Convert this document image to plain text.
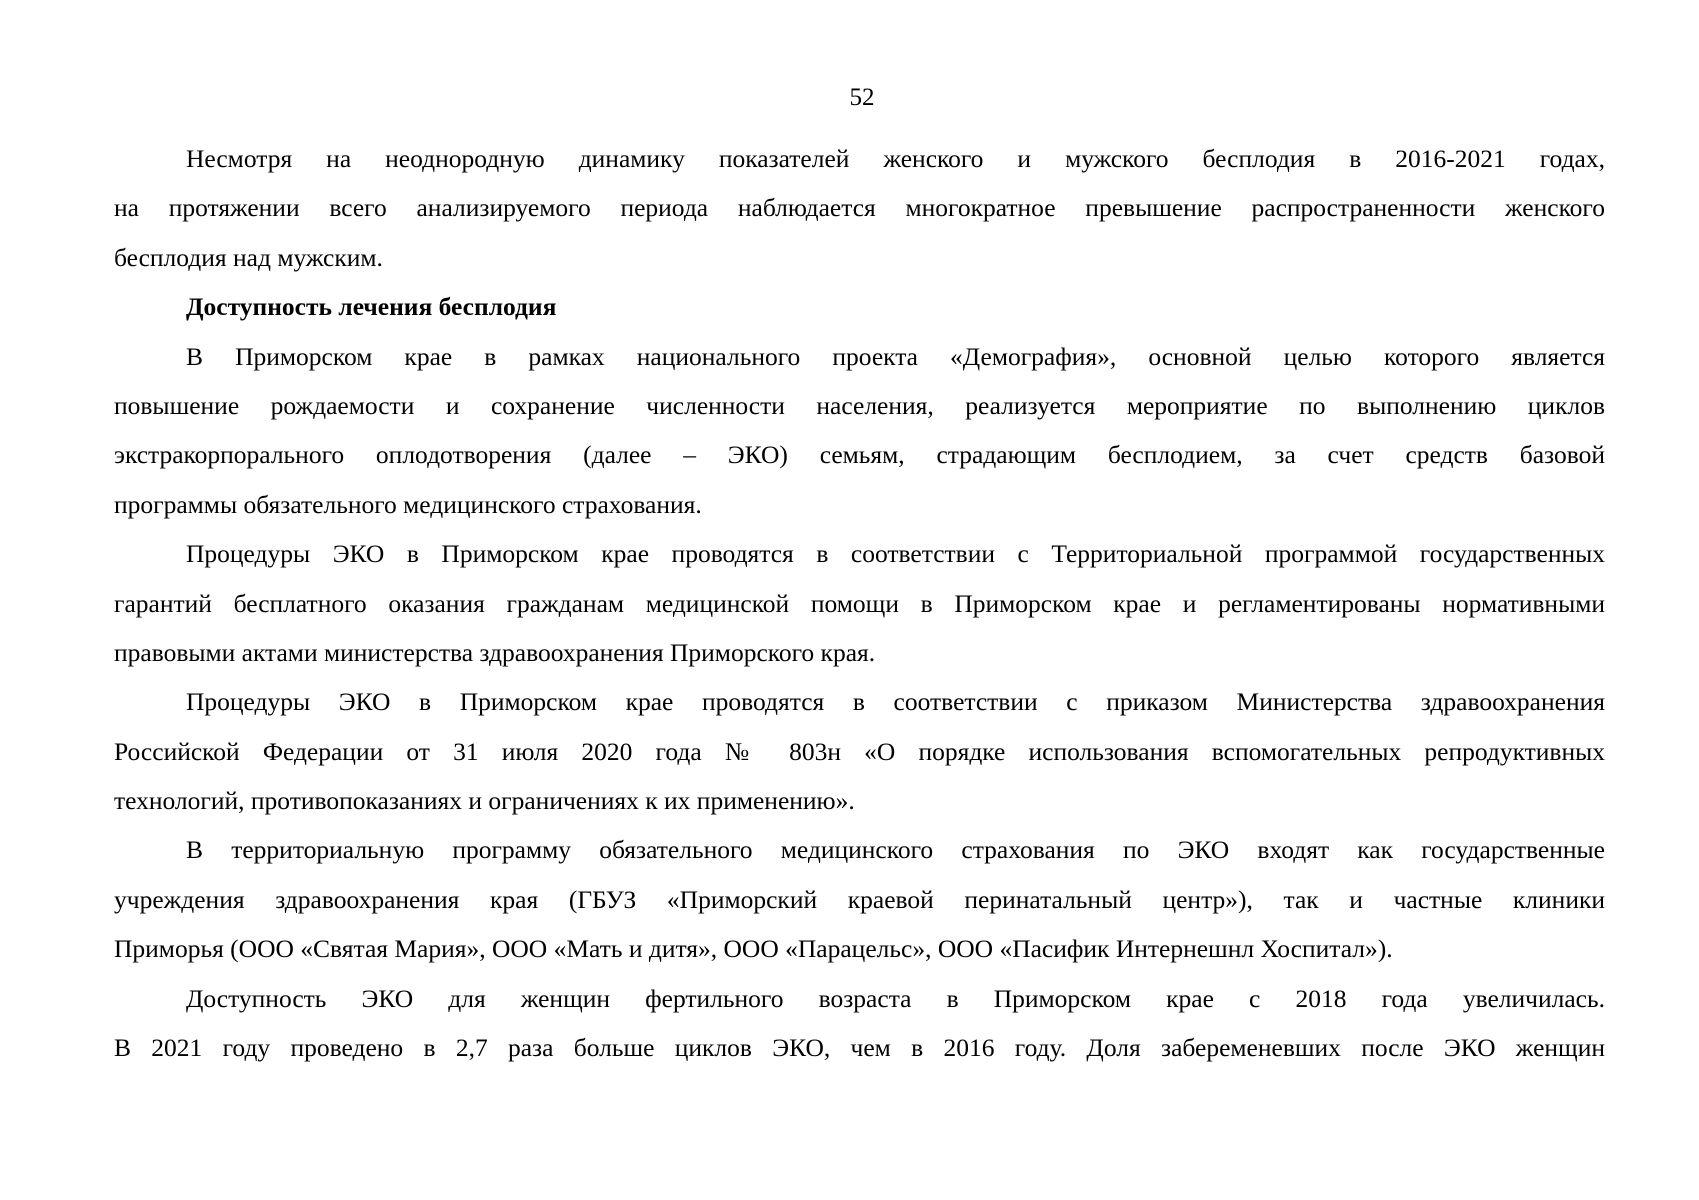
52
Несмотря на неоднородную динамику показателей женского и мужского бесплодия в 2016-2021 годах,
на протяжении всего анализируемого периода наблюдается многократное превышение распространенности женского
бесплодия над мужским.
Доступность лечения бесплодия
В Приморском крае в рамках национального проекта «Демография», основной целью которого является
повышение рождаемости и сохранение численности населения, реализуется мероприятие по выполнению циклов
экстракорпорального оплодотворения (далее – ЭКО) семьям, страдающим бесплодием, за счет средств базовой
программы обязательного медицинского страхования.
Процедуры ЭКО в Приморском крае проводятся в соответствии с Территориальной программой государственных
гарантий бесплатного оказания гражданам медицинской помощи в Приморском крае и регламентированы нормативными
правовыми актами министерства здравоохранения Приморского края.
Процедуры ЭКО в Приморском крае проводятся в соответствии с приказом Министерства здравоохранения
Российской Федерации от 31 июля 2020 года № 803н «О порядке использования вспомогательных репродуктивных
технологий, противопоказаниях и ограничениях к их применению».
В территориальную программу обязательного медицинского страхования по ЭКО входят как государственные
учреждения здравоохранения края (ГБУЗ «Приморский краевой перинатальный центр»), так и частные клиники
Приморья (ООО «Святая Мария», ООО «Мать и дитя», ООО «Парацельс», ООО «Пасифик Интернешнл Хоспитал»).
Доступность ЭКО для женщин фертильного возраста в Приморском крае с 2018 года увеличилась.
В 2021 году проведено в 2,7 раза больше циклов ЭКО, чем в 2016 году. Доля забеременевших после ЭКО женщин
